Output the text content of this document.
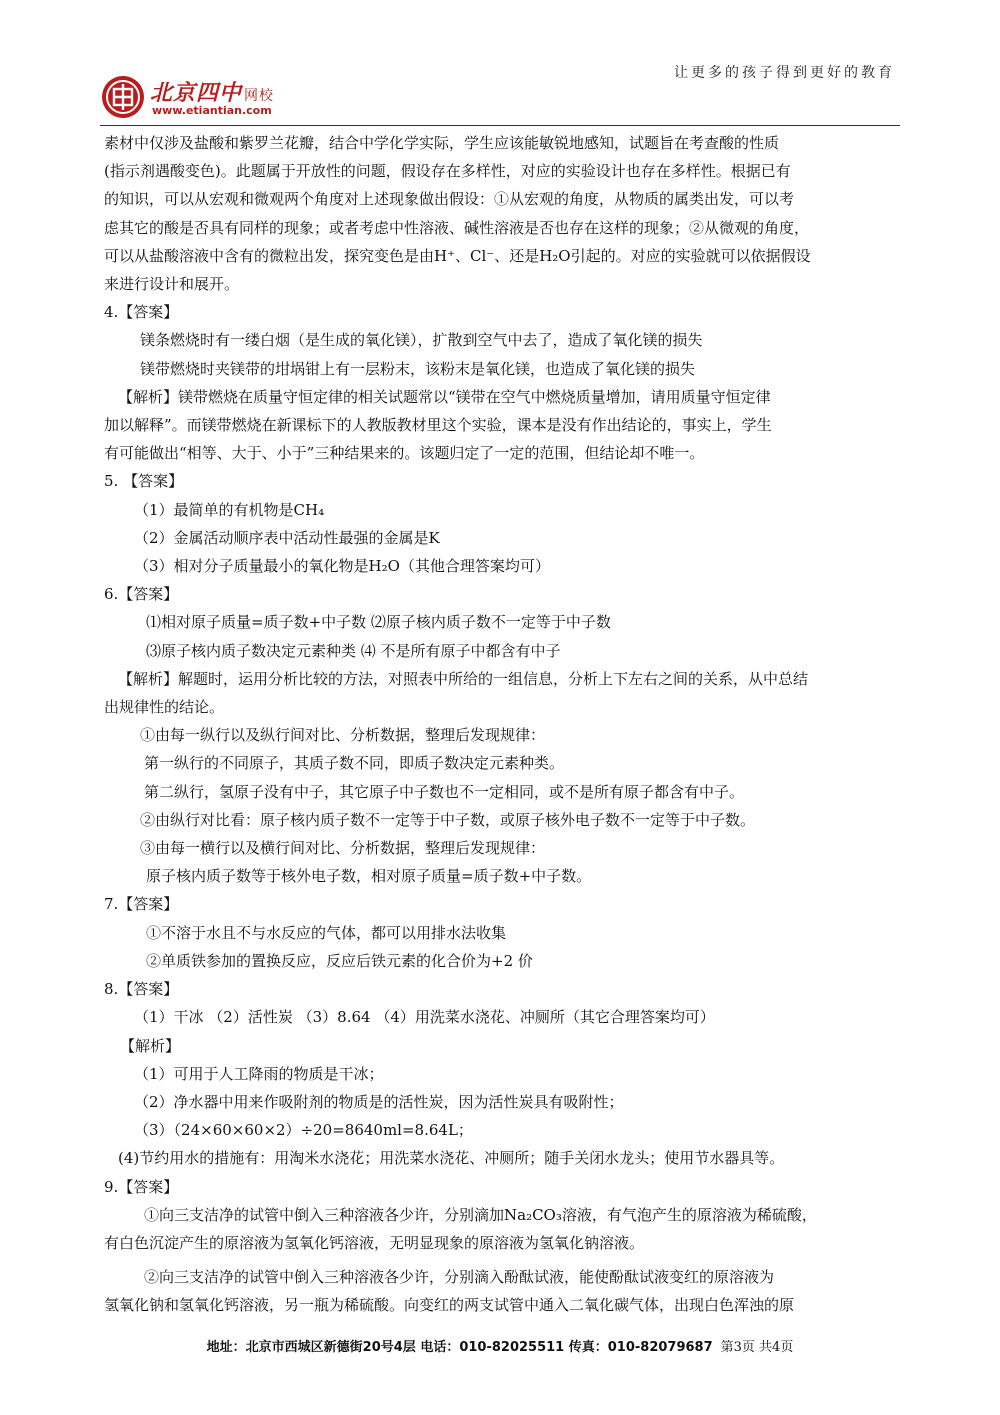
北京四中 网校
www.etiantian.com
让更多的孩子得到更好的教育

素材中仅涉及盐酸和紫罗兰花瓣，结合中学化学实际，学生应该能敏锐地感知，试题旨在考查酸的性质

(指示剂遇酸变色)。此题属于开放性的问题，假设存在多样性，对应的实验设计也存在多样性。根据已有

的知识，可以从宏观和微观两个角度对上述现象做出假设：①从宏观的角度，从物质的属类出发，可以考

虑其它的酸是否具有同样的现象；或者考虑中性溶液、碱性溶液是否也存在这样的现象；②从微观的角度，

可以从盐酸溶液中含有的微粒出发，探究变色是由H⁺、Cl⁻、还是H₂O引起的。对应的实验就可以依据假设

来进行设计和展开。

4.【答案】

镁条燃烧时有一缕白烟（是生成的氧化镁），扩散到空气中去了，造成了氧化镁的损失

镁带燃烧时夹镁带的坩埚钳上有一层粉末，该粉末是氧化镁，也造成了氧化镁的损失

【解析】镁带燃烧在质量守恒定律的相关试题常以“镁带在空气中燃烧质量增加，请用质量守恒定律

加以解释”。而镁带燃烧在新课标下的人教版教材里这个实验，课本是没有作出结论的，事实上，学生

有可能做出“相等、大于、小于”三种结果来的。该题归定了一定的范围，但结论却不唯一。

5. 【答案】

（1）最简单的有机物是CH₄

（2）金属活动顺序表中活动性最强的金属是K

（3）相对分子质量最小的氧化物是H₂O（其他合理答案均可）

6.【答案】

⑴相对原子质量=质子数+中子数 ⑵原子核内质子数不一定等于中子数

⑶原子核内质子数决定元素种类 ⑷ 不是所有原子中都含有中子

【解析】解题时，运用分析比较的方法，对照表中所给的一组信息，分析上下左右之间的关系，从中总结

出规律性的结论。

①由每一纵行以及纵行间对比、分析数据，整理后发现规律：

第一纵行的不同原子，其质子数不同，即质子数决定元素种类。

第二纵行，氢原子没有中子，其它原子中子数也不一定相同，或不是所有原子都含有中子。

②由纵行对比看：原子核内质子数不一定等于中子数，或原子核外电子数不一定等于中子数。

③由每一横行以及横行间对比、分析数据，整理后发现规律：

原子核内质子数等于核外电子数，相对原子质量=质子数+中子数。

7.【答案】

①不溶于水且不与水反应的气体，都可以用排水法收集

②单质铁参加的置换反应，反应后铁元素的化合价为+2 价

8.【答案】

（1）干冰 （2）活性炭 （3）8.64 （4）用洗菜水浇花、冲厕所（其它合理答案均可）

【解析】

（1）可用于人工降雨的物质是干冰；

（2）净水器中用来作吸附剂的物质是的活性炭，因为活性炭具有吸附性；

（3）（24×60×60×2）÷20=8640ml=8.64L；

(4)节约用水的措施有：用淘米水浇花；用洗菜水浇花、冲厕所；随手关闭水龙头；使用节水器具等。

9.【答案】

①向三支洁净的试管中倒入三种溶液各少许，分别滴加Na₂CO₃溶液，有气泡产生的原溶液为稀硫酸，

有白色沉淀产生的原溶液为氢氧化钙溶液，无明显现象的原溶液为氢氧化钠溶液。

②向三支洁净的试管中倒入三种溶液各少许，分别滴入酚酞试液，能使酚酞试液变红的原溶液为

氢氧化钠和氢氧化钙溶液，另一瓶为稀硫酸。向变红的两支试管中通入二氧化碳气体，出现白色浑浊的原

地址：北京市西城区新德街20号4层 电话：010-82025511 传真：010-82079687 第3页 共4页
